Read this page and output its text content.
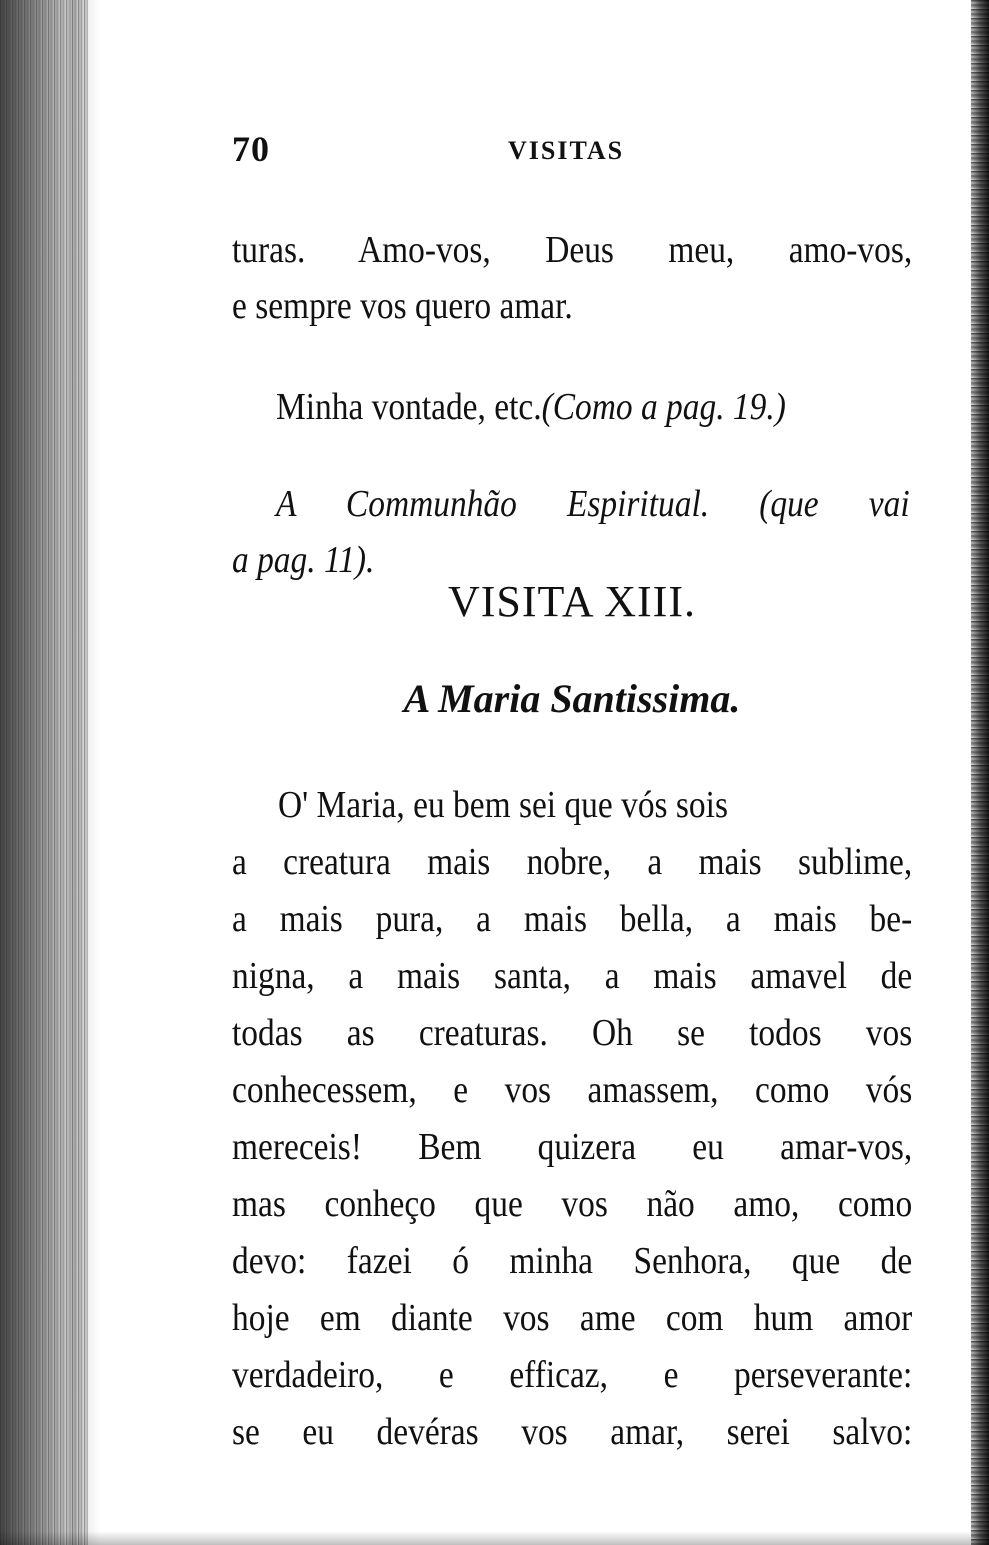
70	VISITAS
turas. Amo-vos, Deus meu, amo-vos,
e sempre vos quero amar.
Minha vontade, etc.(Como a pag. 19.)
A Communhão Espiritual. (que vai
a pag. 11).
VISITA XIII.
A Maria Santissima.
O' Maria, eu bem sei que vós sois
a creatura mais nobre, a mais sublime,
a mais pura, a mais bella, a mais be-
nigna, a mais santa, a mais amavel de
todas as creaturas. Oh se todos vos
conhecessem, e vos amassem, como vós
mereceis! Bem quizera eu amar-vos,
mas conheço que vos não amo, como
devo: fazei ó minha Senhora, que de
hoje em diante vos ame com hum amor
verdadeiro, e efficaz, e perseverante:
se eu devéras vos amar, serei salvo:
